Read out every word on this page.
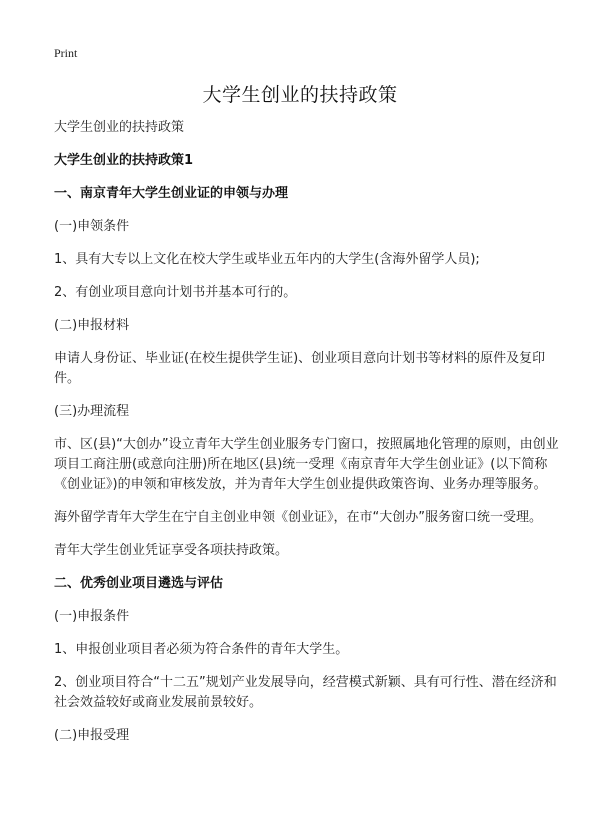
Print
大学生创业的扶持政策

大学生创业的扶持政策

大学生创业的扶持政策1

一、南京青年大学生创业证的申领与办理

(一)申领条件

1、具有大专以上文化在校大学生或毕业五年内的大学生(含海外留学人员);

2、有创业项目意向计划书并基本可行的。

(二)申报材料

申请人身份证、毕业证(在校生提供学生证)、创业项目意向计划书等材料的原件及复印件。

(三)办理流程

市、区(县)“大创办”设立青年大学生创业服务专门窗口，按照属地化管理的原则，由创业项目工商注册(或意向注册)所在地区(县)统一受理《南京青年大学生创业证》(以下简称《创业证》)的申领和审核发放，并为青年大学生创业提供政策咨询、业务办理等服务。

海外留学青年大学生在宁自主创业申领《创业证》，在市“大创办”服务窗口统一受理。

青年大学生创业凭证享受各项扶持政策。

二、优秀创业项目遴选与评估

(一)申报条件

1、申报创业项目者必须为符合条件的青年大学生。

2、创业项目符合“十二五”规划产业发展导向，经营模式新颖、具有可行性、潜在经济和社会效益较好或商业发展前景较好。

(二)申报受理
